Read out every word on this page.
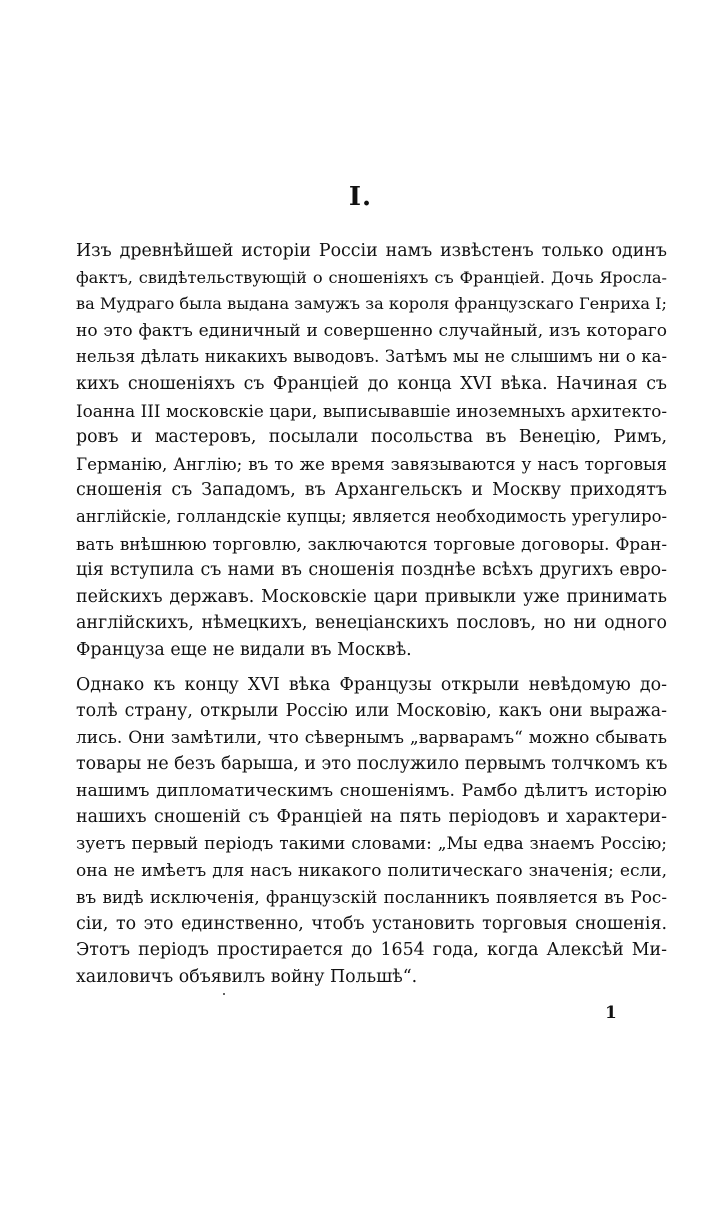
I.
Изъ древнѣйшей исторіи Россіи намъ извѣстенъ только одинъ
фактъ, свидѣтельствующій о сношеніяхъ съ Франціей. Дочь Яросла-
ва Мудраго была выдана замужъ за короля французскаго Генриха I;
но это фактъ единичный и совершенно случайный, изъ котораго
нельзя дѣлать никакихъ выводовъ. Затѣмъ мы не слышимъ ни о ка-
кихъ сношеніяхъ съ Франціей до конца XVI вѣка. Начиная съ
Іоанна III московскіе цари, выписывавшіе иноземныхъ архитекто-
ровъ и мастеровъ, посылали посольства въ Венецію, Римъ,
Германію, Англію; въ то же время завязываются у насъ торговыя
сношенія съ Западомъ, въ Архангельскъ и Москву приходятъ
англійскіе, голландскіе купцы; является необходимость урегулиро-
вать внѣшнюю торговлю, заключаются торговые договоры. Фран-
ція вступила съ нами въ сношенія позднѣе всѣхъ другихъ евро-
пейскихъ державъ. Московскіе цари привыкли уже принимать
англійскихъ, нѣмецкихъ, венеціанскихъ пословъ, но ни одного
Француза еще не видали въ Москвѣ.
Однако къ концу XVI вѣка Французы открыли невѣдомую до-
толѣ страну, открыли Россію или Московію, какъ они выража-
лись. Они замѣтили, что сѣвернымъ „варварамъ“ можно сбывать
товары не безъ барыша, и это послужило первымъ толчкомъ къ
нашимъ дипломатическимъ сношеніямъ. Рамбо дѣлитъ исторію
нашихъ сношеній съ Франціей на пять періодовъ и характери-
зуетъ первый періодъ такими словами: „Мы едва знаемъ Россію;
она не имѣетъ для насъ никакого политическаго значенія; если,
въ видѣ исключенія, французскій посланникъ появляется въ Рос-
сіи, то это единственно, чтобъ установить торговыя сношенія.
Этотъ періодъ простирается до 1654 года, когда Алексѣй Ми-
хаиловичъ объявилъ войну Польшѣ“.
1
